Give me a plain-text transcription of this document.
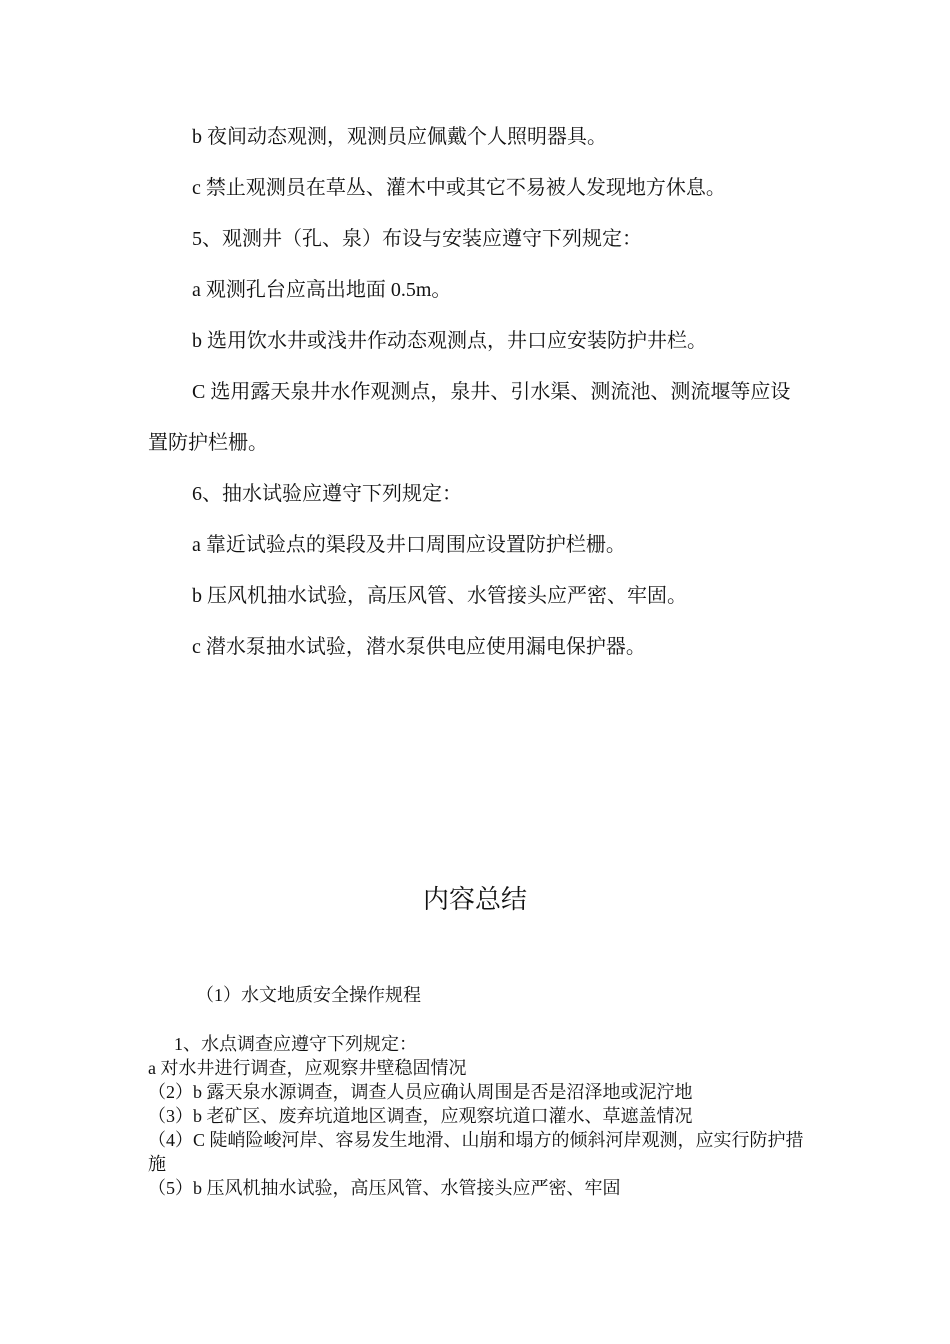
b 夜间动态观测，观测员应佩戴个人照明器具。

c 禁止观测员在草丛、灌木中或其它不易被人发现地方休息。

5、观测井（孔、泉）布设与安装应遵守下列规定：

a 观测孔台应高出地面 0.5m。

b 选用饮水井或浅井作动态观测点，井口应安装防护井栏。

C 选用露天泉井水作观测点，泉井、引水渠、测流池、测流堰等应设置防护栏栅。

6、抽水试验应遵守下列规定：

a 靠近试验点的渠段及井口周围应设置防护栏栅。

b 压风机抽水试验，高压风管、水管接头应严密、牢固。

c 潜水泵抽水试验，潜水泵供电应使用漏电保护器。

内容总结

（1）水文地质安全操作规程

1、水点调查应遵守下列规定：

a 对水井进行调查，应观察井壁稳固情况

（2）b 露天泉水源调查，调查人员应确认周围是否是沼泽地或泥泞地

（3）b 老矿区、废弃坑道地区调查，应观察坑道口灌水、草遮盖情况

（4）C 陡峭险峻河岸、容易发生地滑、山崩和塌方的倾斜河岸观测，应实行防护措施

（5）b 压风机抽水试验，高压风管、水管接头应严密、牢固
